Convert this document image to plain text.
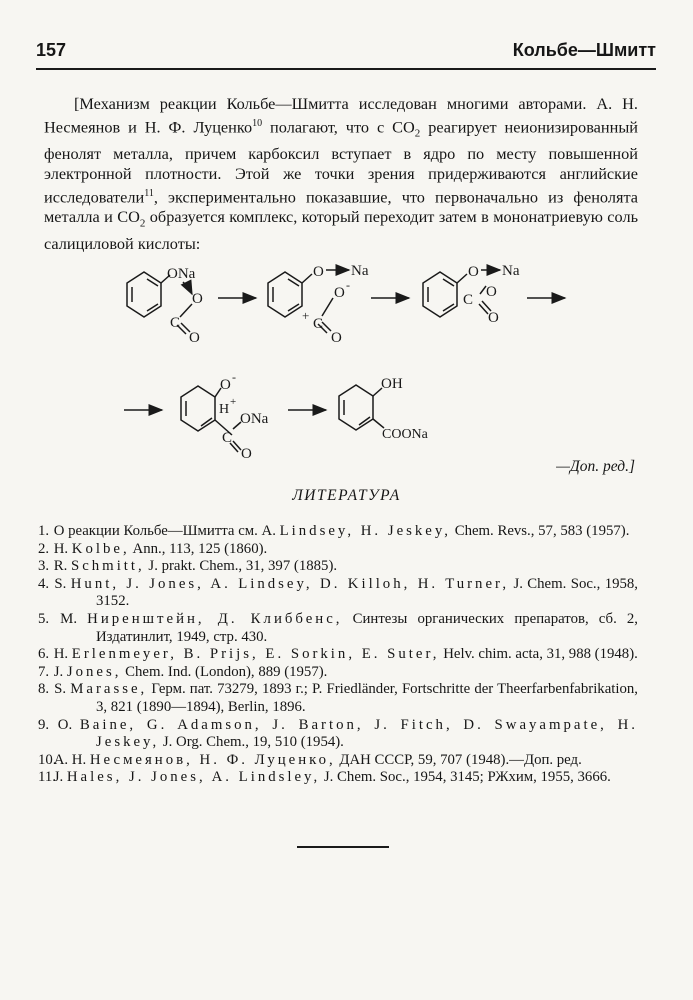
157	Кольбе—Шмитт
[Механизм реакции Кольбе—Шмитта исследован многими авторами. А. Н. Несмеянов и Н. Ф. Луценко$^{10}$ полагают, что с $CO_2$ реагирует неионизированный фенолят металла, причем карбоксил вступает в ядро по месту повышенной электронной плотности. Этой же точки зрения придерживаются английские исследователи$^{11}$, экспериментально показавшие, что первоначально из фенолята металла и $CO_2$ образуется комплекс, который переходит затем в мононатриевую соль салициловой кислоты:
ONa
O
C
O
O Na
O -
+
C
O
O Na
C O
O
O -
H +
ONa
C
O
OH
COONa
—Доп. ред.]
ЛИТЕРАТУРА
1. О реакции Кольбе—Шмитта см. A. Lindsey, H. Jeskey, Chem. Revs., 57, 583 (1957).
2. H. Kolbe, Ann., 113, 125 (1860).
3. R. Schmitt, J. prakt. Chem., 31, 397 (1885).
4. S. Hunt, J. Jones, A. Lindsey, D. Killoh, H. Turner, J. Chem. Soc., 1958, 3152.
5. М. Ниренштейн, Д. Клиббенс, Синтезы органических препаратов, сб. 2, Издатинлит, 1949, стр. 430.
6. H. Erlenmeyer, B. Prijs, E. Sorkin, E. Suter, Helv. chim. acta, 31, 988 (1948).
7. J. Jones, Chem. Ind. (London), 889 (1957).
8. S. Marasse, Герм. пат. 73279, 1893 г.; P. Friedländer, Fortschritte der Theerfarbenfabrikation, 3, 821 (1890—1894), Berlin, 1896.
9. O. Baine, G. Adamson, J. Barton, J. Fitch, D. Swayampate, H. Jeskey, J. Org. Chem., 19, 510 (1954).
10. А. Н. Несмеянов, Н. Ф. Луценко, ДАН СССР, 59, 707 (1948).—Доп. ред.
11. J. Hales, J. Jones, A. Lindsley, J. Chem. Soc., 1954, 3145; РЖхим, 1955, 3666.
